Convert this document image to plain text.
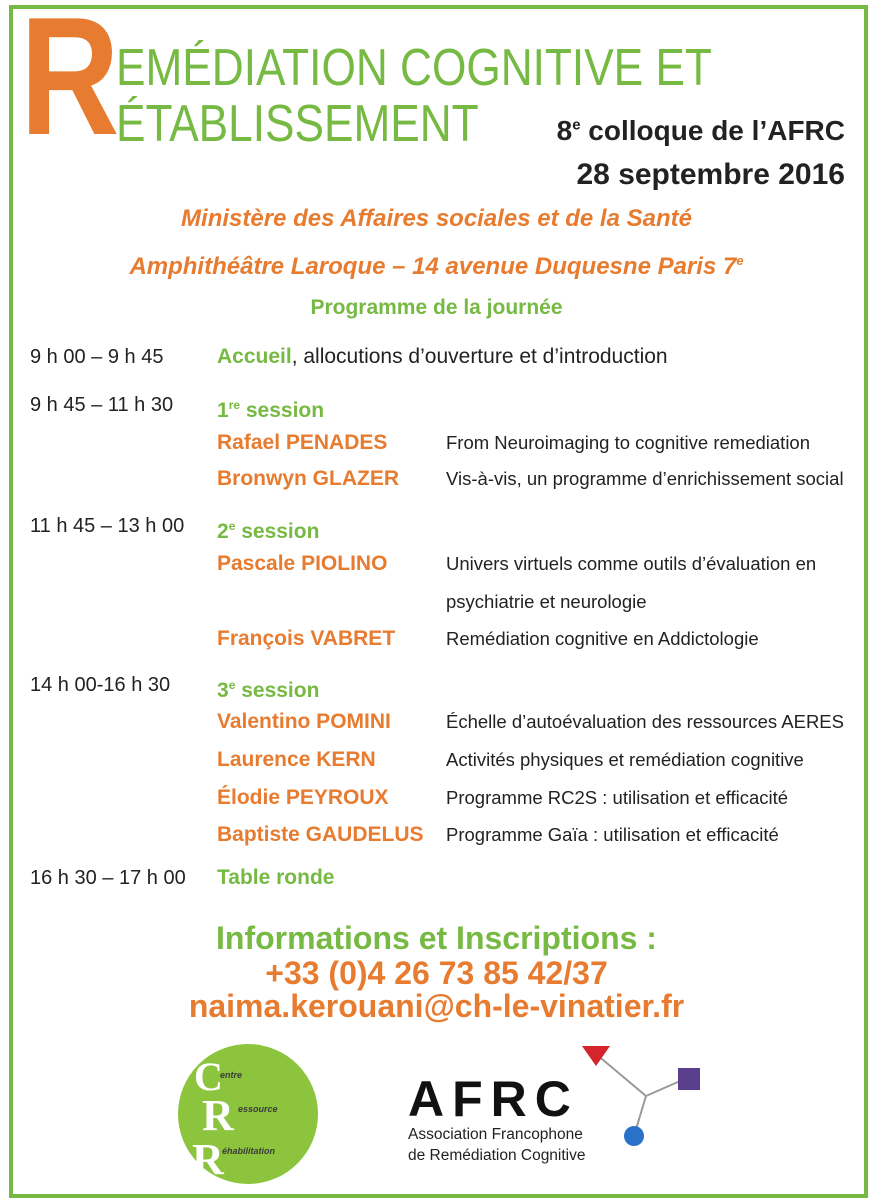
R
EMÉDIATION COGNITIVE ET
ÉTABLISSEMENT	8e colloque de l’AFRC
28 septembre 2016
Ministère des Affaires sociales et de la Santé
Amphithéâtre Laroque – 14 avenue Duquesne Paris 7e
Programme de la journée
9 h 00 – 9 h 45	Accueil, allocutions d’ouverture et d’introduction
9 h 45 – 11 h 30 1re session
Rafael PENADES	From Neuroimaging to cognitive remediation
Bronwyn GLAZER	Vis-à-vis, un programme d’enrichissement social
11 h 45 – 13 h 00 2e session
Pascale PIOLINO	Univers virtuels comme outils d’évaluation en
psychiatrie et neurologie
François VABRET	Remédiation cognitive en Addictologie
14 h 00-16 h 30 3e session
Valentino POMINI	Échelle d’autoévaluation des ressources AERES
Laurence KERN	Activités physiques et remédiation cognitive
Élodie PEYROUX	Programme RC2S : utilisation et efficacité
Baptiste GAUDELUS Programme Gaïa : utilisation et efficacité
16 h 30 – 17 h 00 Table ronde
Informations et Inscriptions :
+33 (0)4 26 73 85 42/37
naima.kerouani@ch-le-vinatier.fr
C
entre
R essource
R
éhabilitation
AFRC
Association Francophone
de Remédiation Cognitive
